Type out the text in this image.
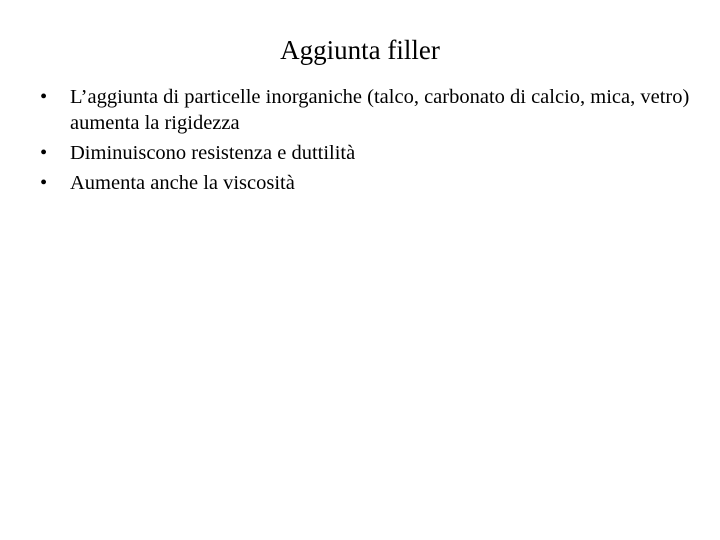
Aggiunta filler
• L’aggiunta di particelle inorganiche (talco, carbonato di calcio, mica, vetro) aumenta la rigidezza
• Diminuiscono resistenza e duttilità
• Aumenta anche la viscosità
